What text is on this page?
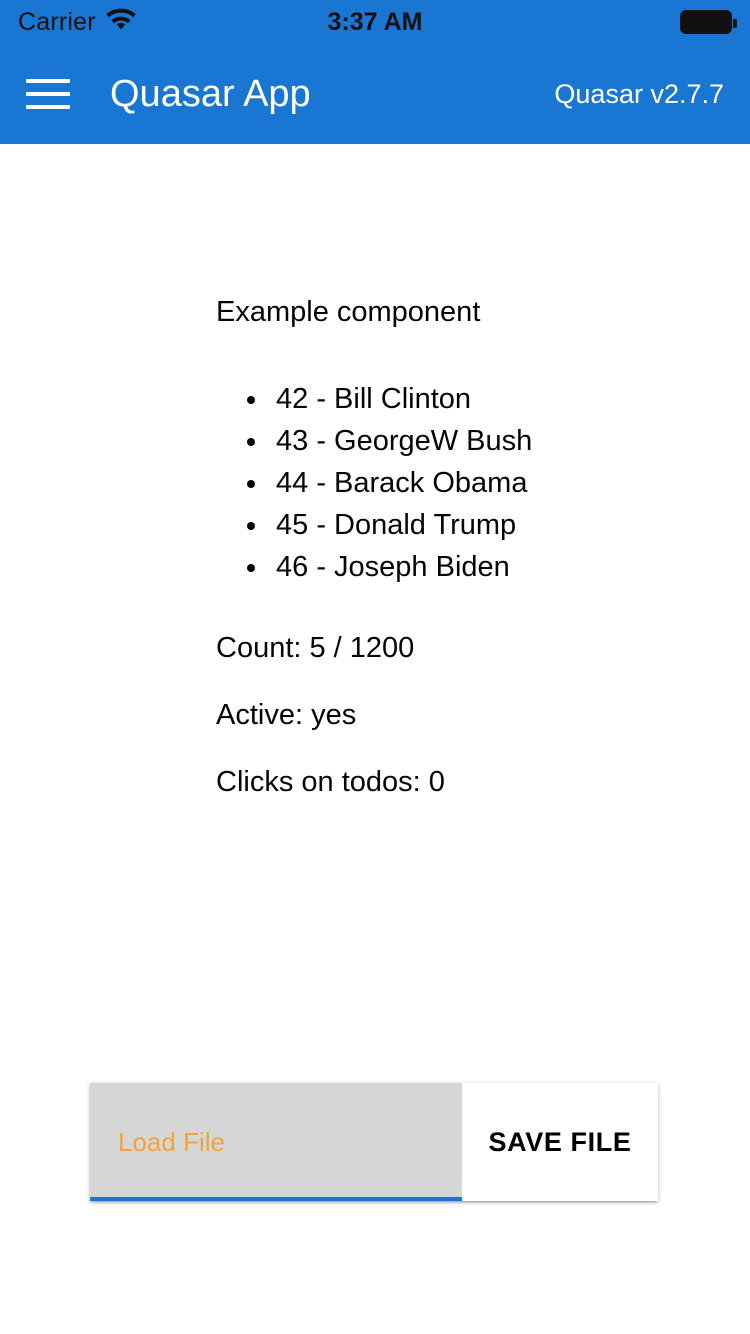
Carrier	3:37 AM
Quasar App	Quasar v2.7.7
Example component
• 42 - Bill Clinton
• 43 - GeorgeW Bush
• 44 - Barack Obama
• 45 - Donald Trump
• 46 - Joseph Biden
Count: 5 / 1200
Active: yes
Clicks on todos: 0
Load File	SAVE FILE
